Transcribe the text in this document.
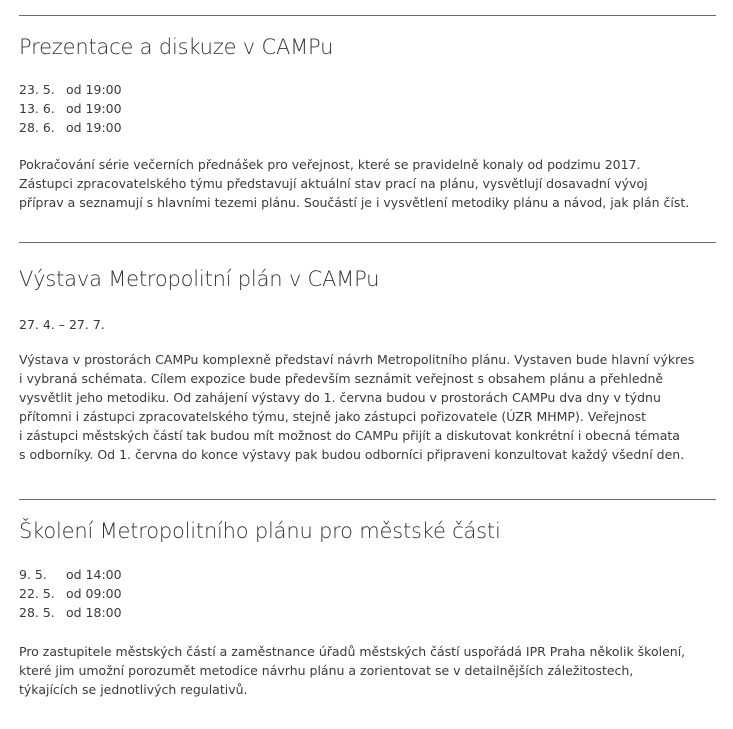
Prezentace a diskuze v CAMPu
23. 5. od 19:00
13. 6. od 19:00
28. 6. od 19:00
Pokračování série večerních přednášek pro veřejnost, které se pravidelně konaly od podzimu 2017.
Zástupci zpracovatelského týmu představují aktuální stav prací na plánu, vysvětlují dosavadní vývoj
příprav a seznamují s hlavními tezemi plánu. Součástí je i vysvětlení metodiky plánu a návod, jak plán číst.
Výstava Metropolitní plán v CAMPu
27. 4. – 27. 7.
Výstava v prostorách CAMPu komplexně představí návrh Metropolitního plánu. Vystaven bude hlavní výkres
i vybraná schémata. Cílem expozice bude především seznámit veřejnost s obsahem plánu a přehledně
vysvětlit jeho metodiku. Od zahájení výstavy do 1. června budou v prostorách CAMPu dva dny v týdnu
přítomni i zástupci zpracovatelského týmu, stejně jako zástupci pořizovatele (ÚZR MHMP). Veřejnost
i zástupci městských částí tak budou mít možnost do CAMPu přijít a diskutovat konkrétní i obecná témata
s odborníky. Od 1. června do konce výstavy pak budou odborníci připraveni konzultovat každý všední den.
Školení Metropolitního plánu pro městské části
9. 5. od 14:00
22. 5. od 09:00
28. 5. od 18:00
Pro zastupitele městských částí a zaměstnance úřadů městských částí uspořádá IPR Praha několik školení,
které jim umožní porozumět metodice návrhu plánu a zorientovat se v detailnějších záležitostech,
týkajících se jednotlivých regulativů.
